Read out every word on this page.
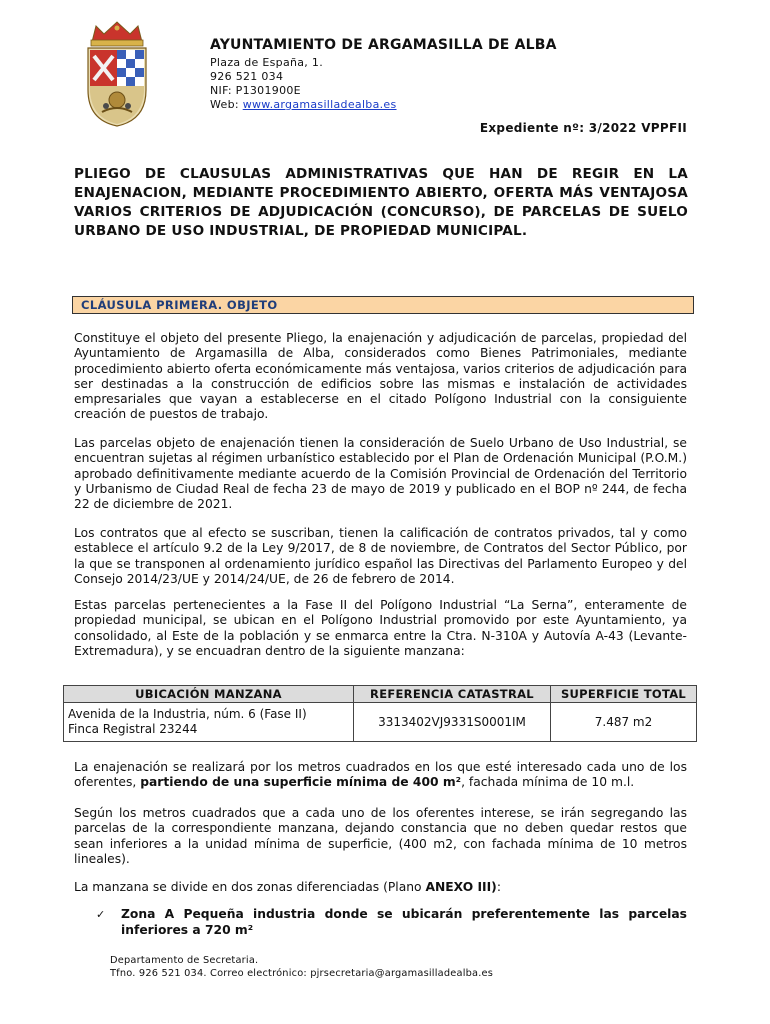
AYUNTAMIENTO DE ARGAMASILLA DE ALBA
Plaza de España, 1.
926 521 034
NIF: P1301900E
Web: www.argamasilladealba.es
Expediente nº: 3/2022 VPPFII
PLIEGO DE CLAUSULAS ADMINISTRATIVAS QUE HAN DE REGIR EN LA ENAJENACION, MEDIANTE PROCEDIMIENTO ABIERTO, OFERTA MÁS VENTAJOSA VARIOS CRITERIOS DE ADJUDICACIÓN (CONCURSO), DE PARCELAS DE SUELO URBANO DE USO INDUSTRIAL, DE PROPIEDAD MUNICIPAL.
CLÁUSULA PRIMERA. OBJETO

Constituye el objeto del presente Pliego, la enajenación y adjudicación de parcelas, propiedad del Ayuntamiento de Argamasilla de Alba, considerados como Bienes Patrimoniales, mediante procedimiento abierto oferta económicamente más ventajosa, varios criterios de adjudicación para ser destinadas a la construcción de edificios sobre las mismas e instalación de actividades empresariales que vayan a establecerse en el citado Polígono Industrial con la consiguiente creación de puestos de trabajo.

Las parcelas objeto de enajenación tienen la consideración de Suelo Urbano de Uso Industrial, se encuentran sujetas al régimen urbanístico establecido por el Plan de Ordenación Municipal (P.O.M.) aprobado definitivamente mediante acuerdo de la Comisión Provincial de Ordenación del Territorio y Urbanismo de Ciudad Real de fecha 23 de mayo de 2019 y publicado en el BOP nº 244, de fecha 22 de diciembre de 2021.

Los contratos que al efecto se suscriban, tienen la calificación de contratos privados, tal y como establece el artículo 9.2 de la Ley 9/2017, de 8 de noviembre, de Contratos del Sector Público, por la que se transponen al ordenamiento jurídico español las Directivas del Parlamento Europeo y del Consejo 2014/23/UE y 2014/24/UE, de 26 de febrero de 2014.

Estas parcelas pertenecientes a la Fase II del Polígono Industrial “La Serna”, enteramente de propiedad municipal, se ubican en el Polígono Industrial promovido por este Ayuntamiento, ya consolidado, al Este de la población y se enmarca entre la Ctra. N-310A y Autovía A-43 (Levante-Extremadura), y se encuadran dentro de la siguiente manzana:

UBICACIÓN MANZANA	REFERENCIA CATASTRAL	SUPERFICIE TOTAL

Avenida de la Industria, núm. 6 (Fase II)
Finca Registral 23244	3313402VJ9331S0001IM	7.487 m2

La enajenación se realizará por los metros cuadrados en los que esté interesado cada uno de los oferentes, partiendo de una superficie mínima de 400 m², fachada mínima de 10 m.l.

Según los metros cuadrados que a cada uno de los oferentes interese, se irán segregando las parcelas de la correspondiente manzana, dejando constancia que no deben quedar restos que sean inferiores a la unidad mínima de superficie, (400 m2, con fachada mínima de 10 metros lineales).

La manzana se divide en dos zonas diferenciadas (Plano ANEXO III):

✓ Zona A Pequeña industria donde se ubicarán preferentemente las parcelas inferiores a 720 m²
Departamento de Secretaria.
Tfno. 926 521 034. Correo electrónico: pjrsecretaria@argamasilladealba.es
